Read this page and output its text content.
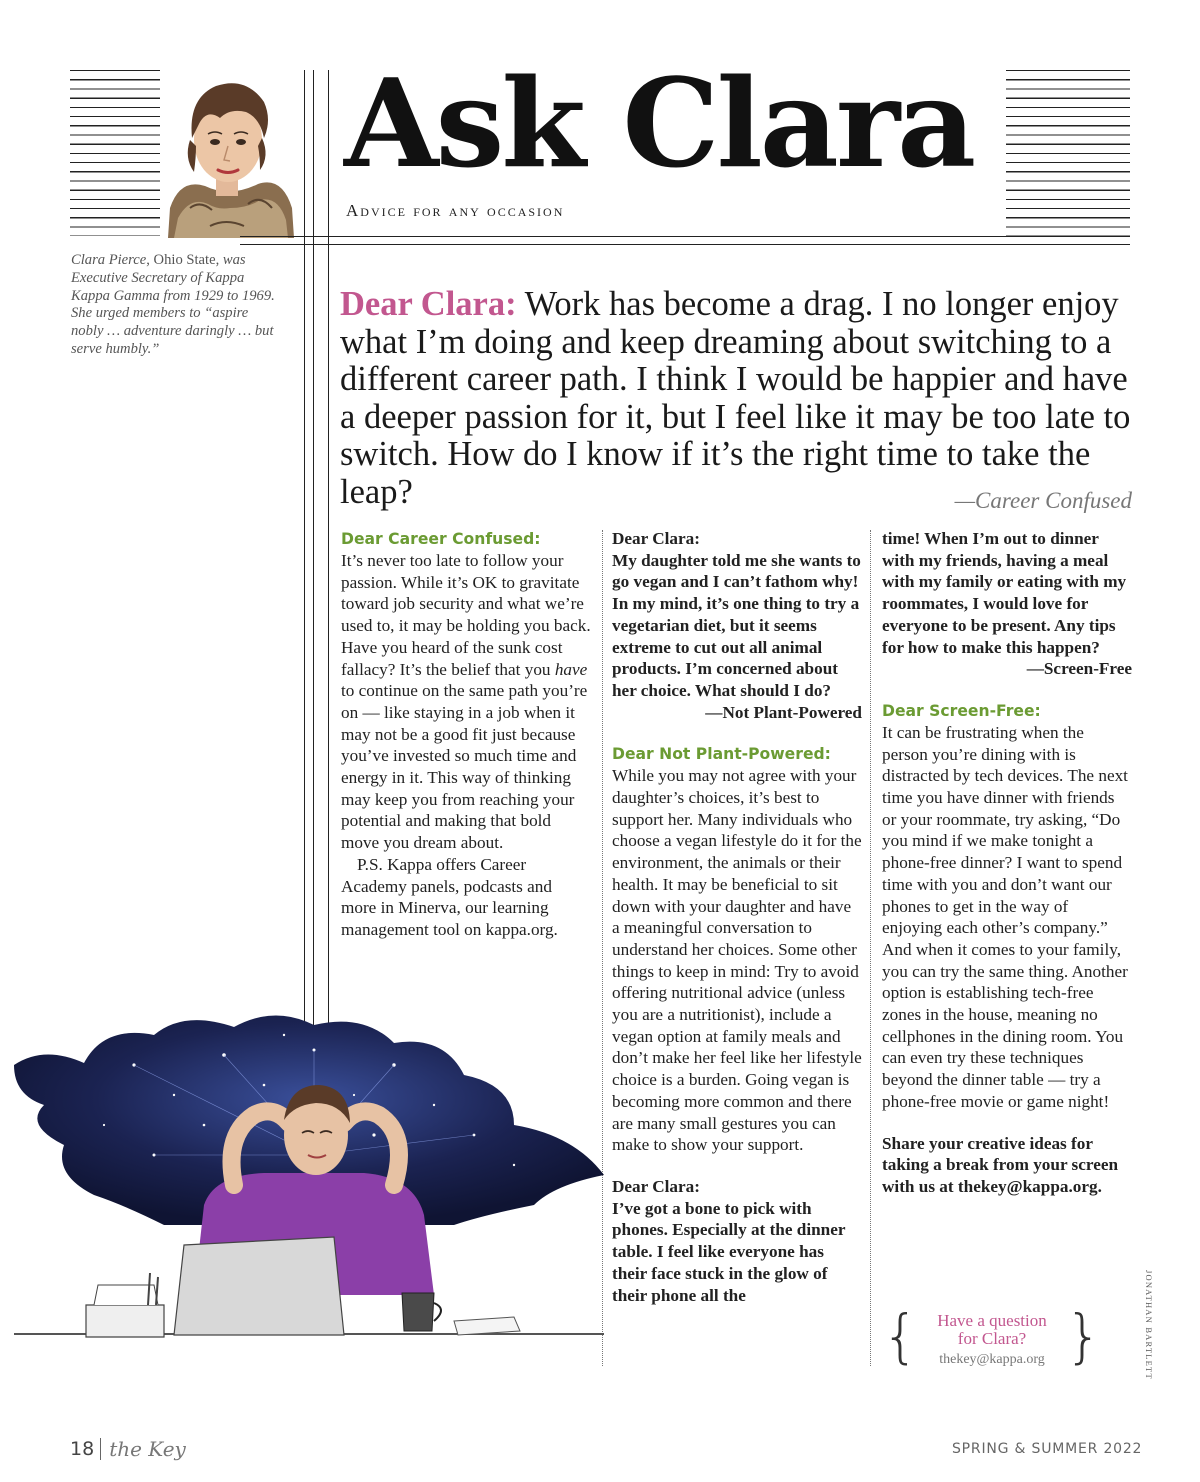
Ask Clara
Advice for any occasion
Clara Pierce, Ohio State, was Executive Secretary of Kappa Kappa Gamma from 1929 to 1969. She urged members to “aspire nobly … adventure daringly … but serve humbly.”
Dear Clara: Work has become a drag. I no longer enjoy what I’m doing and keep dreaming about switching to a different career path. I think I would be happier and have a deeper passion for it, but I feel like it may be too late to switch. How do I know if it’s the right time to take the leap?	—Career Confused

Dear Career Confused:

It’s never too late to follow your passion. While it’s OK to gravitate toward job security and what we’re used to, it may be holding you back. Have you heard of the sunk cost fallacy? It’s the belief that you have to continue on the same path you’re on — like staying in a job when it may not be a good fit just because you’ve invested so much time and energy in it. This way of thinking may keep you from reaching your potential and making that bold move you dream about.

P.S. Kappa offers Career Academy panels, podcasts and more in Minerva, our learning management tool on kappa.org.

Dear Clara:

My daughter told me she wants to go vegan and I can’t fathom why! In my mind, it’s one thing to try a vegetarian diet, but it seems extreme to cut out all animal products. I’m concerned about her choice. What should I do?

—Not Plant-Powered

Dear Not Plant-Powered:

While you may not agree with your daughter’s choices, it’s best to support her. Many individuals who choose a vegan lifestyle do it for the environment, the animals or their health. It may be beneficial to sit down with your daughter and have a meaningful conversation to understand her choices. Some other things to keep in mind: Try to avoid offering nutritional advice (unless you are a nutritionist), include a vegan option at family meals and don’t make her feel like her lifestyle choice is a burden. Going vegan is becoming more common and there are many small gestures you can make to show your support.

Dear Clara:

I’ve got a bone to pick with phones. Especially at the dinner table. I feel like everyone has their face stuck in the glow of their phone all the

time! When I’m out to dinner with my friends, having a meal with my family or eating with my roommates, I would love for everyone to be present. Any tips for how to make this happen?

—Screen-Free

Dear Screen-Free:

It can be frustrating when the person you’re dining with is distracted by tech devices. The next time you have dinner with friends or your roommate, try asking, “Do you mind if we make tonight a phone-free dinner? I want to spend time with you and don’t want our phones to get in the way of enjoying each other’s company.” And when it comes to your family, you can try the same thing. Another option is establishing tech-free zones in the house, meaning no cellphones in the dining room. You can even try these techniques beyond the dinner table — try a phone-free movie or game night!

Share your creative ideas for taking a break from your screen with us at thekey@kappa.org.

{	Have a question
for Clara?
thekey@kappa.org }	JONATHAN BARTLETT
18 the Key	SPRING & SUMMER 2022
